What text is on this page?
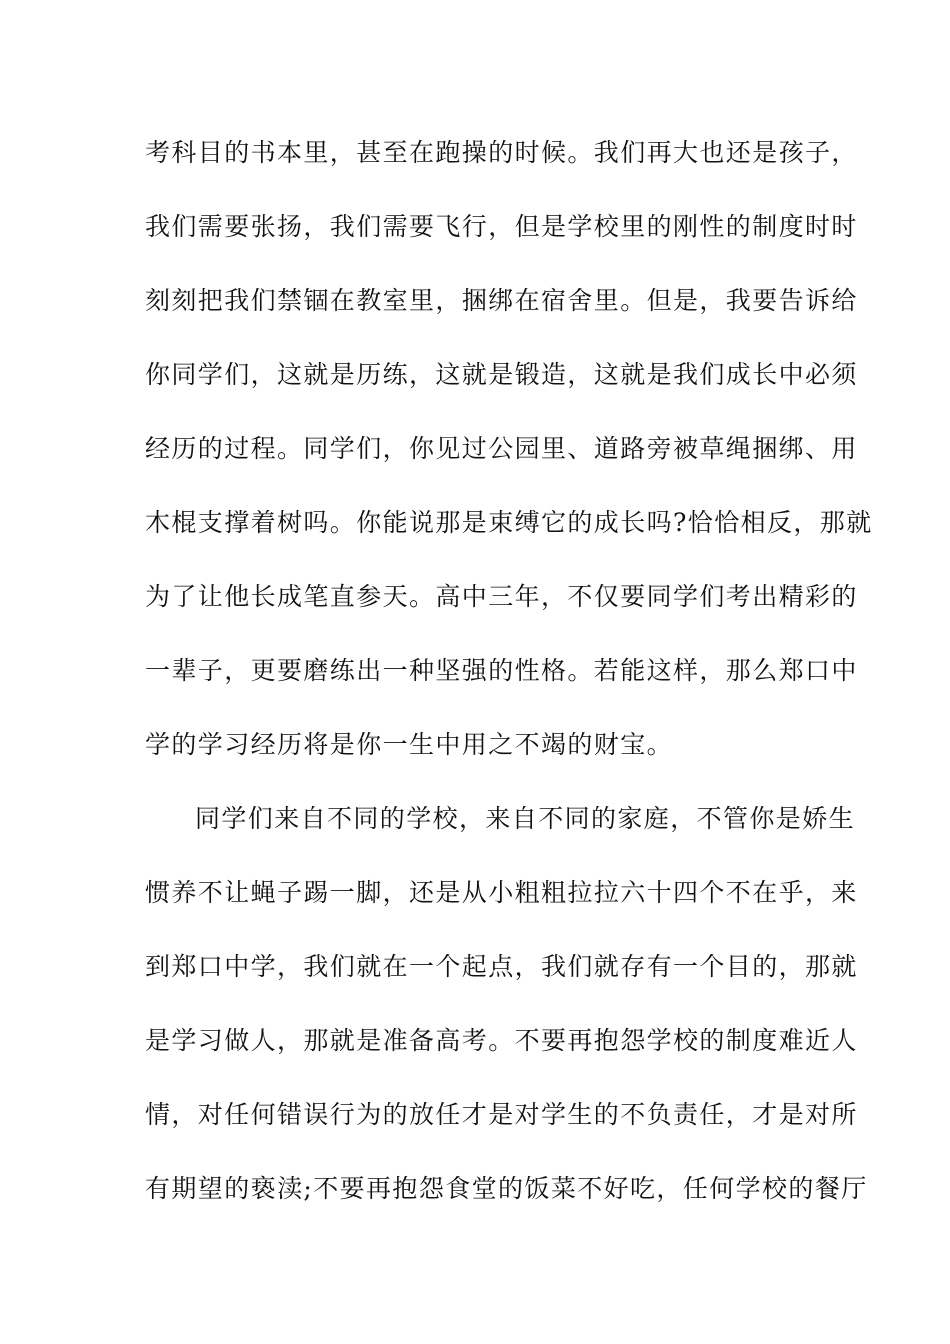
考科目的书本里，甚至在跑操的时候。我们再大也还是孩子，
我们需要张扬，我们需要飞行，但是学校里的刚性的制度时时
刻刻把我们禁锢在教室里，捆绑在宿舍里。但是，我要告诉给
你同学们，这就是历练，这就是锻造，这就是我们成长中必须
经历的过程。同学们，你见过公园里、道路旁被草绳捆绑、用
木棍支撑着树吗。你能说那是束缚它的成长吗?恰恰相反，那就
为了让他长成笔直参天。高中三年，不仅要同学们考出精彩的
一辈子，更要磨练出一种坚强的性格。若能这样，那么郑口中
学的学习经历将是你一生中用之不竭的财宝。
同学们来自不同的学校，来自不同的家庭，不管你是娇生
惯养不让蝇子踢一脚，还是从小粗粗拉拉六十四个不在乎，来
到郑口中学，我们就在一个起点，我们就存有一个目的，那就
是学习做人，那就是准备高考。不要再抱怨学校的制度难近人
情，对任何错误行为的放任才是对学生的不负责任，才是对所
有期望的亵渎;不要再抱怨食堂的饭菜不好吃，任何学校的餐厅
